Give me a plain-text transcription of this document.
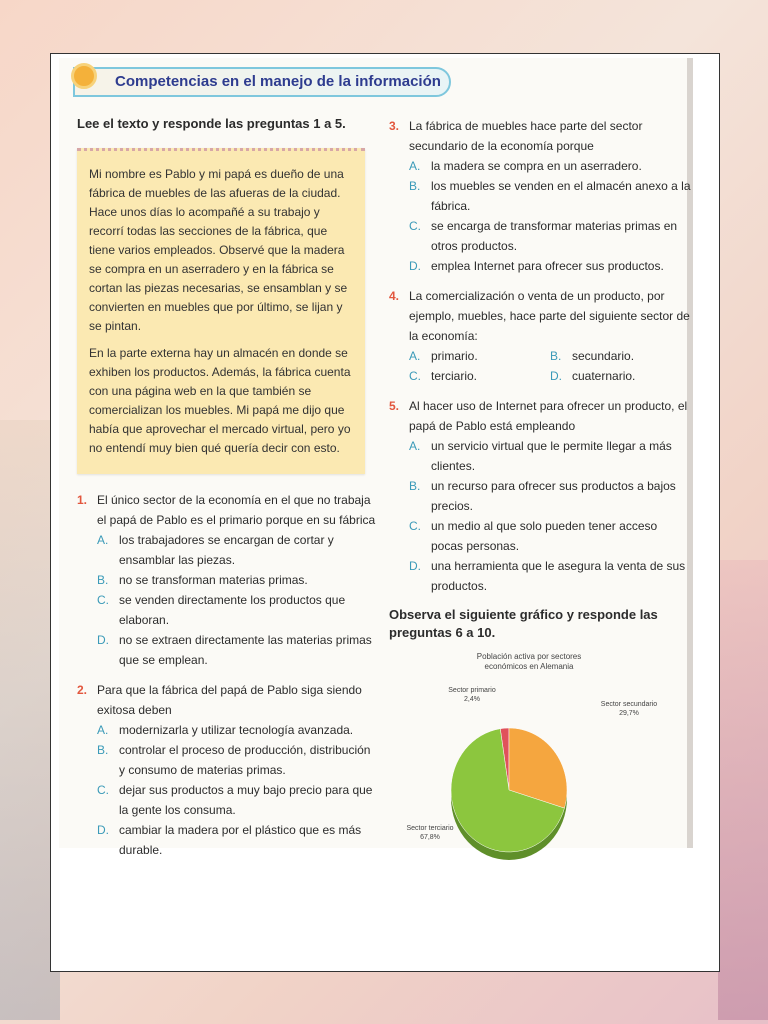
Competencias en el manejo de la información
Lee el texto y responde las preguntas 1 a 5.

Mi nombre es Pablo y mi papá es dueño de una fábrica de muebles de las afueras de la ciudad. Hace unos días lo acompañé a su trabajo y recorrí todas las secciones de la fábrica, que tiene varios empleados. Observé que la madera se compra en un aserradero y en la fábrica se cortan las piezas necesarias, se ensamblan y se convierten en muebles que por último, se lijan y se pintan.

En la parte externa hay un almacén en donde se exhiben los productos. Además, la fábrica cuenta con una página web en la que también se comercializan los muebles. Mi papá me dijo que había que aprovechar el mercado virtual, pero yo no entendí muy bien qué quería decir con esto.

1. El único sector de la economía en el que no trabaja el papá de Pablo es el primario porque en su fábrica
A. los trabajadores se encargan de cortar y ensamblar las piezas.
B. no se transforman materias primas.
C. se venden directamente los productos que elaboran.
D. no se extraen directamente las materias primas que se emplean.
2. Para que la fábrica del papá de Pablo siga siendo exitosa deben
A. modernizarla y utilizar tecnología avanzada.
B. controlar el proceso de producción, distribución y consumo de materias primas.
C. dejar sus productos a muy bajo precio para que la gente los consuma.
D. cambiar la madera por el plástico que es más durable.
3. La fábrica de muebles hace parte del sector secundario de la economía porque
A. la madera se compra en un aserradero.
B. los muebles se venden en el almacén anexo a la fábrica.
C. se encarga de transformar materias primas en otros productos.
D. emplea Internet para ofrecer sus productos.
4. La comercialización o venta de un producto, por ejemplo, muebles, hace parte del siguiente sector de la economía:
A. primario.	B. secundario.
C. terciario.	D. cuaternario.
5. Al hacer uso de Internet para ofrecer un producto, el papá de Pablo está empleando
A. un servicio virtual que le permite llegar a más clientes.
B. un recurso para ofrecer sus productos a bajos precios.
C. un medio al que solo pueden tener acceso pocas personas.
D. una herramienta que le asegura la venta de sus productos.
Observa el siguiente gráfico y responde las preguntas 6 a 10.
Población activa por sectores económicos en Alemania
Sector primario
2,4%
Sector secundario
29,7%
Sector terciario
67,8%
